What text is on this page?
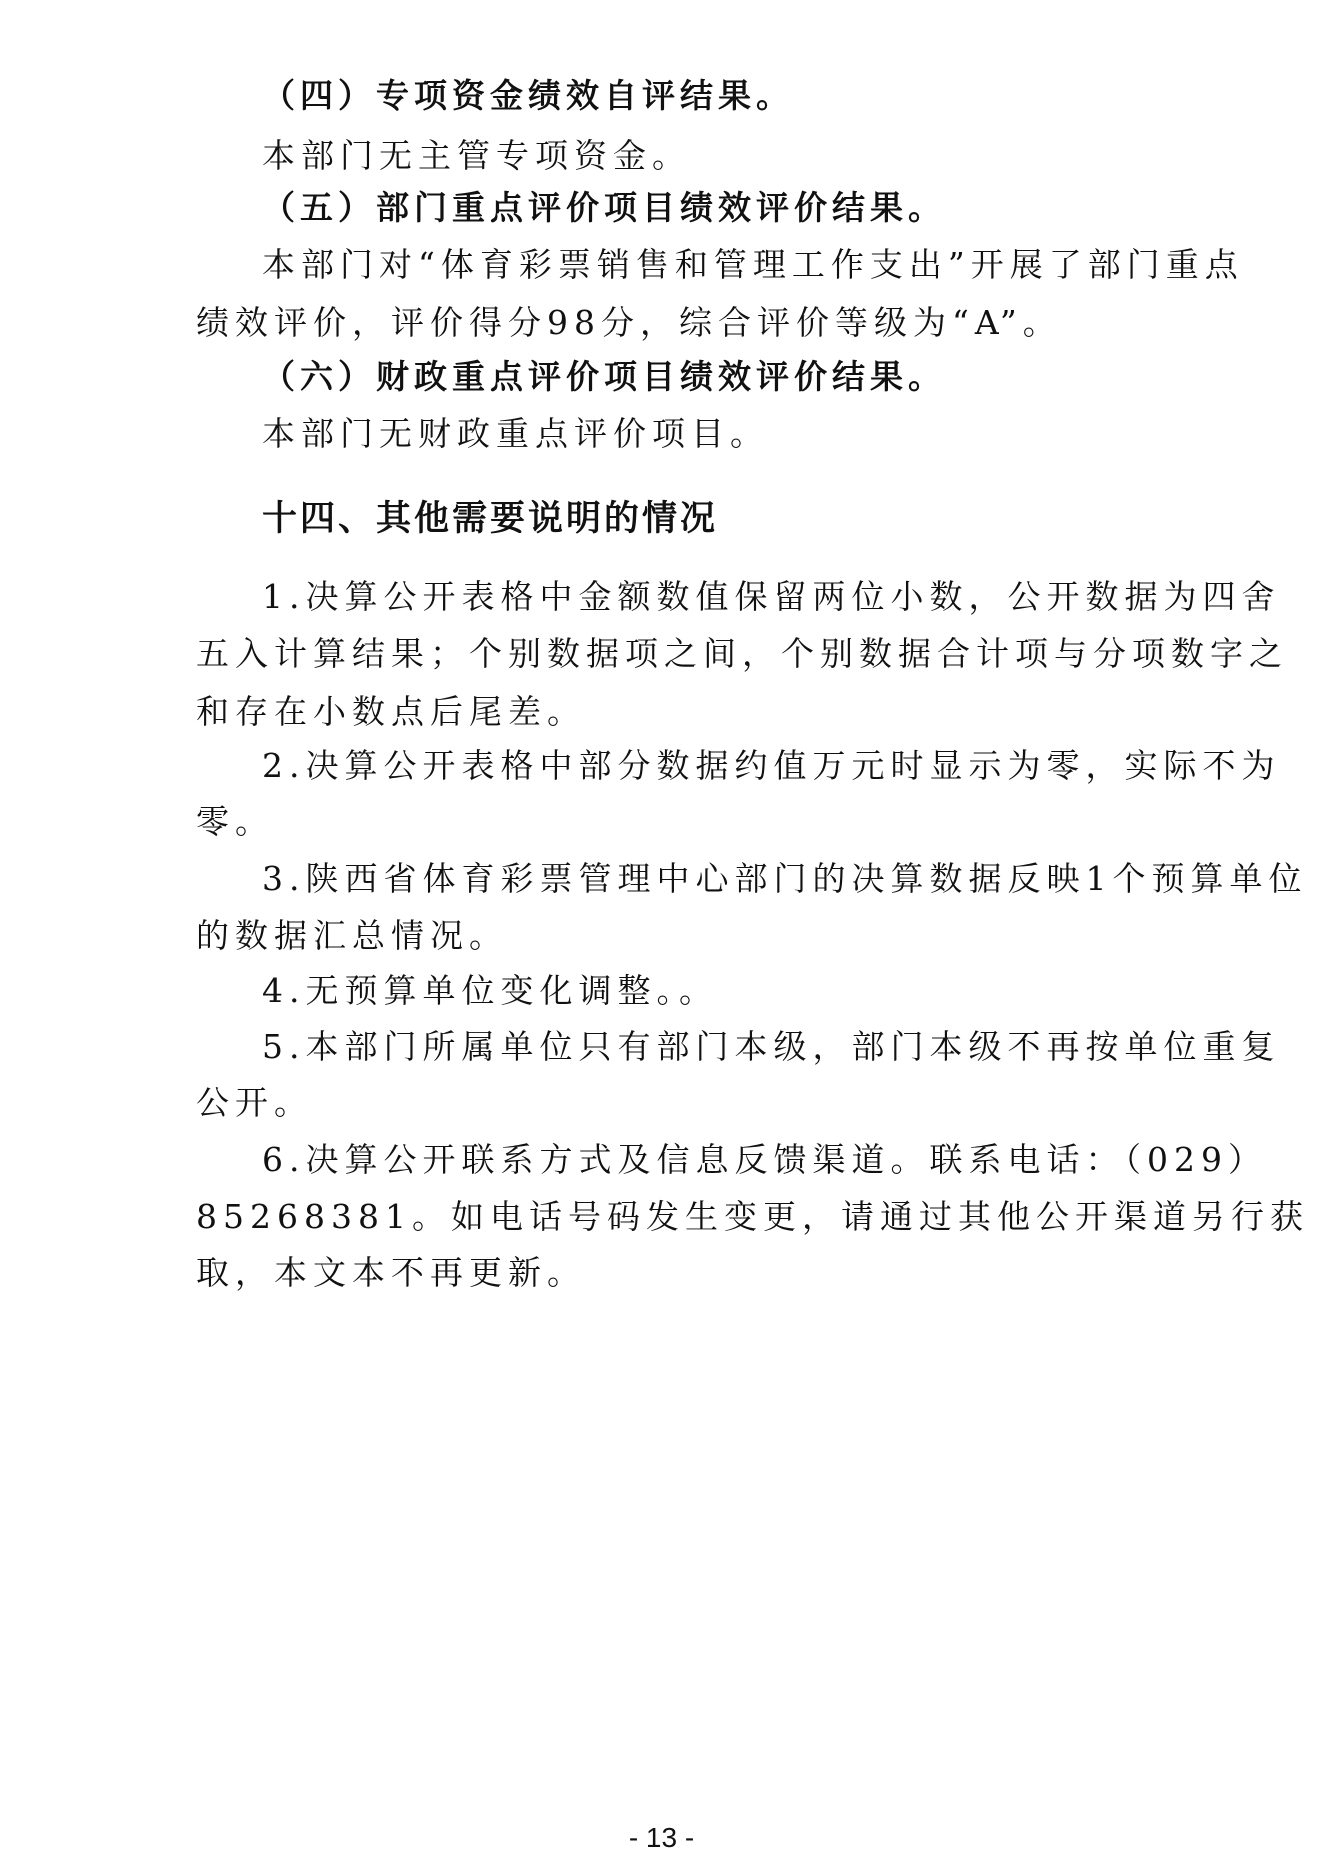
（四）专项资金绩效自评结果。
本部门无主管专项资金。
（五）部门重点评价项目绩效评价结果。
本部门对“体育彩票销售和管理工作支出”开展了部门重点
绩效评价，评价得分98分，综合评价等级为“A”。
（六）财政重点评价项目绩效评价结果。
本部门无财政重点评价项目。
十四、其他需要说明的情况
1.决算公开表格中金额数值保留两位小数，公开数据为四舍
五入计算结果；个别数据项之间，个别数据合计项与分项数字之
和存在小数点后尾差。
2.决算公开表格中部分数据约值万元时显示为零，实际不为
零。
3.陕西省体育彩票管理中心部门的决算数据反映1个预算单位
的数据汇总情况。
4.无预算单位变化调整。。
5.本部门所属单位只有部门本级，部门本级不再按单位重复
公开。
6.决算公开联系方式及信息反馈渠道。联系电话：（029）
85268381。如电话号码发生变更，请通过其他公开渠道另行获
取，本文本不再更新。
- 13 -
